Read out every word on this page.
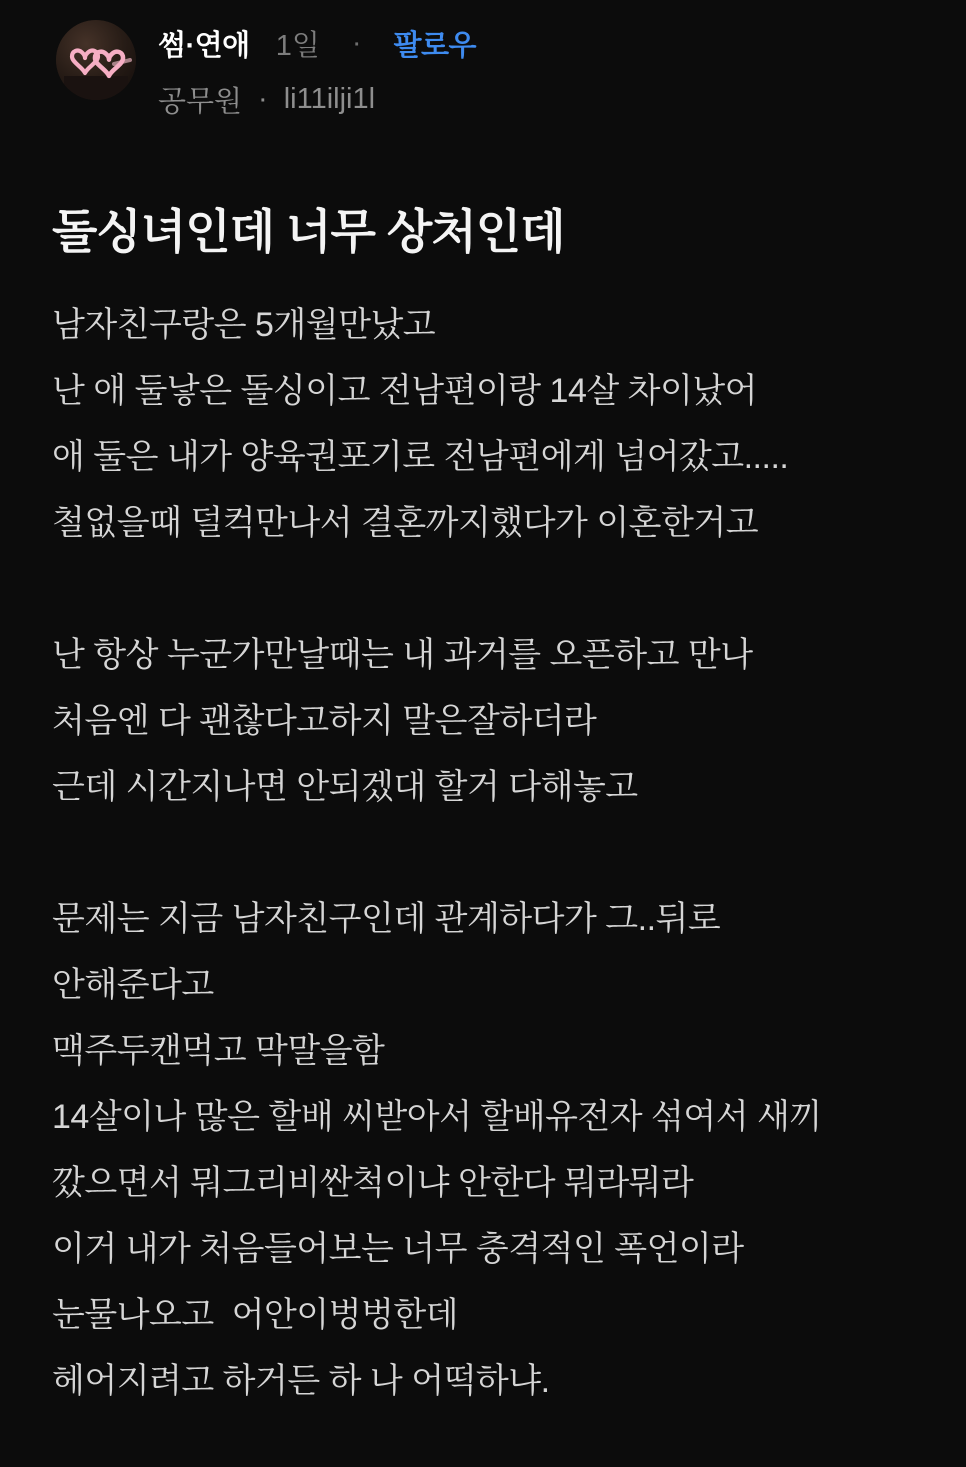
썸·연애 1일 · 팔로우
공무원 · li11ilji1l
돌싱녀인데 너무 상처인데
남자친구랑은 5개월만났고
난 애 둘낳은 돌싱이고 전남편이랑 14살 차이났어
애 둘은 내가 양육권포기로 전남편에게 넘어갔고.....
철없을때 덜컥만나서 결혼까지했다가 이혼한거고
난 항상 누군가만날때는 내 과거를 오픈하고 만나
처음엔 다 괜찮다고하지 말은잘하더라
근데 시간지나면 안되겠대 할거 다해놓고
문제는 지금 남자친구인데 관계하다가 그..뒤로
안해준다고
맥주두캔먹고 막말을함
14살이나 많은 할배 씨받아서 할배유전자 섞여서 새끼
깠으면서 뭐그리비싼척이냐 안한다 뭐라뭐라
이거 내가 처음들어보는 너무 충격적인 폭언이라
눈물나오고  어안이벙벙한데
헤어지려고 하거든 하 나 어떡하냐.
